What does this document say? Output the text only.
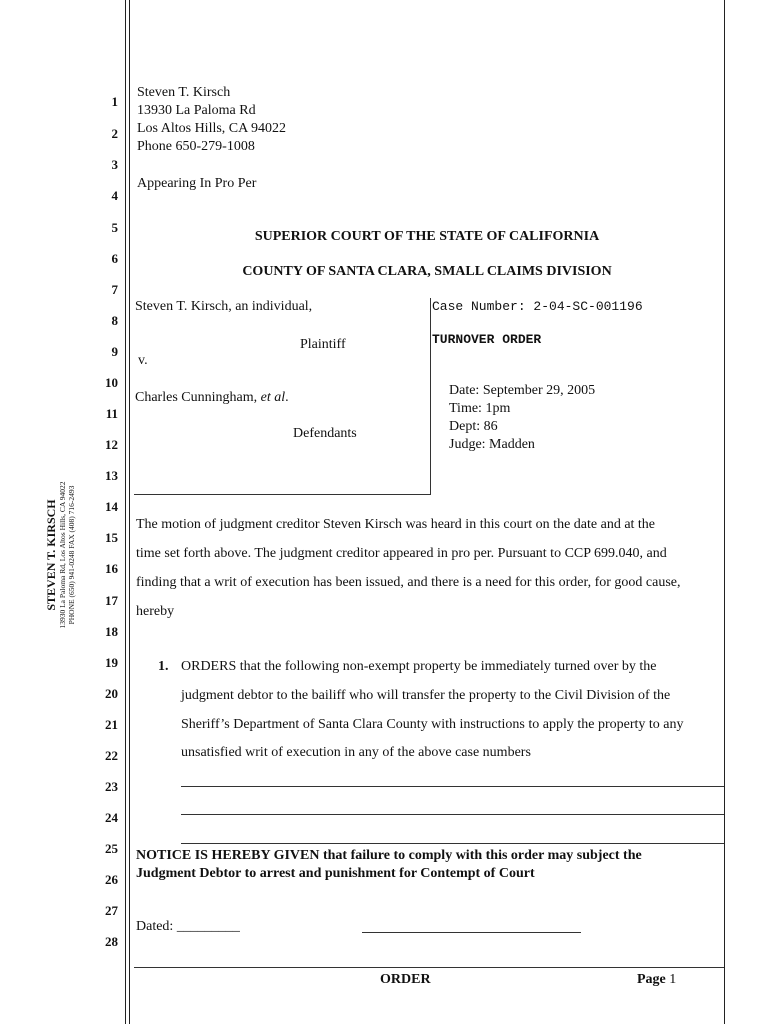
STEVEN T. KIRSCH 13930 La Paloma Rd, Los Altos Hills, CA 94022 PHONE (650) 941-0248 FAX (408) 716-2493
1
2
3
4
5
6
7
8
9
10
11
12
13
14
15
16
17
18
19
20
21
22
23
24
25
26
27
28
Steven T. Kirsch
13930 La Paloma Rd
Los Altos Hills, CA 94022
Phone 650-279-1008
Appearing In Pro Per
SUPERIOR COURT OF THE STATE OF CALIFORNIA
COUNTY OF SANTA CLARA, SMALL CLAIMS DIVISION
Steven T. Kirsch, an individual,
Plaintiff
v.
Charles Cunningham, et al.
Defendants
Case Number: 2-04-SC-001196
TURNOVER ORDER
Date: September 29, 2005
Time: 1pm
Dept: 86
Judge: Madden
The motion of judgment creditor Steven Kirsch was heard in this court on the date and at the
time set forth above. The judgment creditor appeared in pro per. Pursuant to CCP 699.040, and
finding that a writ of execution has been issued, and there is a need for this order, for good cause,
hereby
1. ORDERS that the following non-exempt property be immediately turned over by the
judgment debtor to the bailiff who will transfer the property to the Civil Division of the
Sheriff’s Department of Santa Clara County with instructions to apply the property to any
unsatisfied writ of execution in any of the above case numbers
NOTICE IS HEREBY GIVEN that failure to comply with this order may subject the
Judgment Debtor to arrest and punishment for Contempt of Court
Dated: _________
ORDER	Page 1
